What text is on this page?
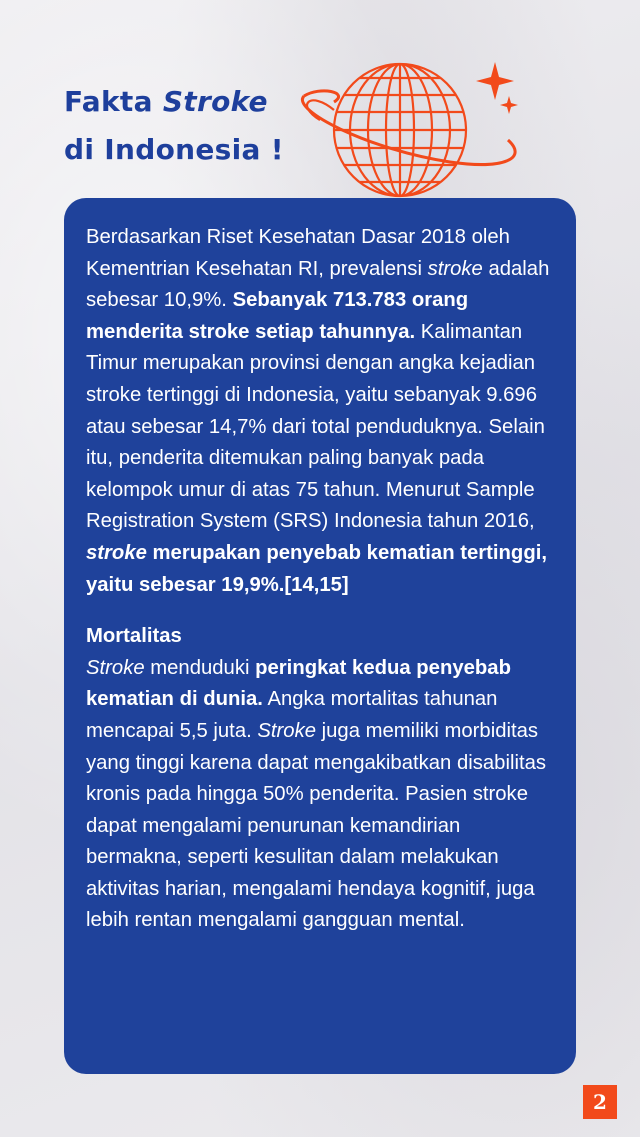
Fakta Stroke
di Indonesia !

Berdasarkan Riset Kesehatan Dasar 2018 oleh Kementrian Kesehatan RI, prevalensi stroke adalah sebesar 10,9%. Sebanyak 713.783 orang menderita stroke setiap tahunnya. Kalimantan Timur merupakan provinsi dengan angka kejadian stroke tertinggi di Indonesia, yaitu sebanyak 9.696 atau sebesar 14,7% dari total penduduknya. Selain itu, penderita ditemukan paling banyak pada kelompok umur di atas 75 tahun. Menurut Sample Registration System (SRS) Indonesia tahun 2016, stroke merupakan penyebab kematian tertinggi, yaitu sebesar 19,9%.[14,15]

Mortalitas

Stroke menduduki peringkat kedua penyebab kematian di dunia. Angka mortalitas tahunan mencapai 5,5 juta. Stroke juga memiliki morbiditas yang tinggi karena dapat mengakibatkan disabilitas kronis pada hingga 50% penderita. Pasien stroke dapat mengalami penurunan kemandirian bermakna, seperti kesulitan dalam melakukan aktivitas harian, mengalami hendaya kognitif, juga lebih rentan mengalami gangguan mental.

2
